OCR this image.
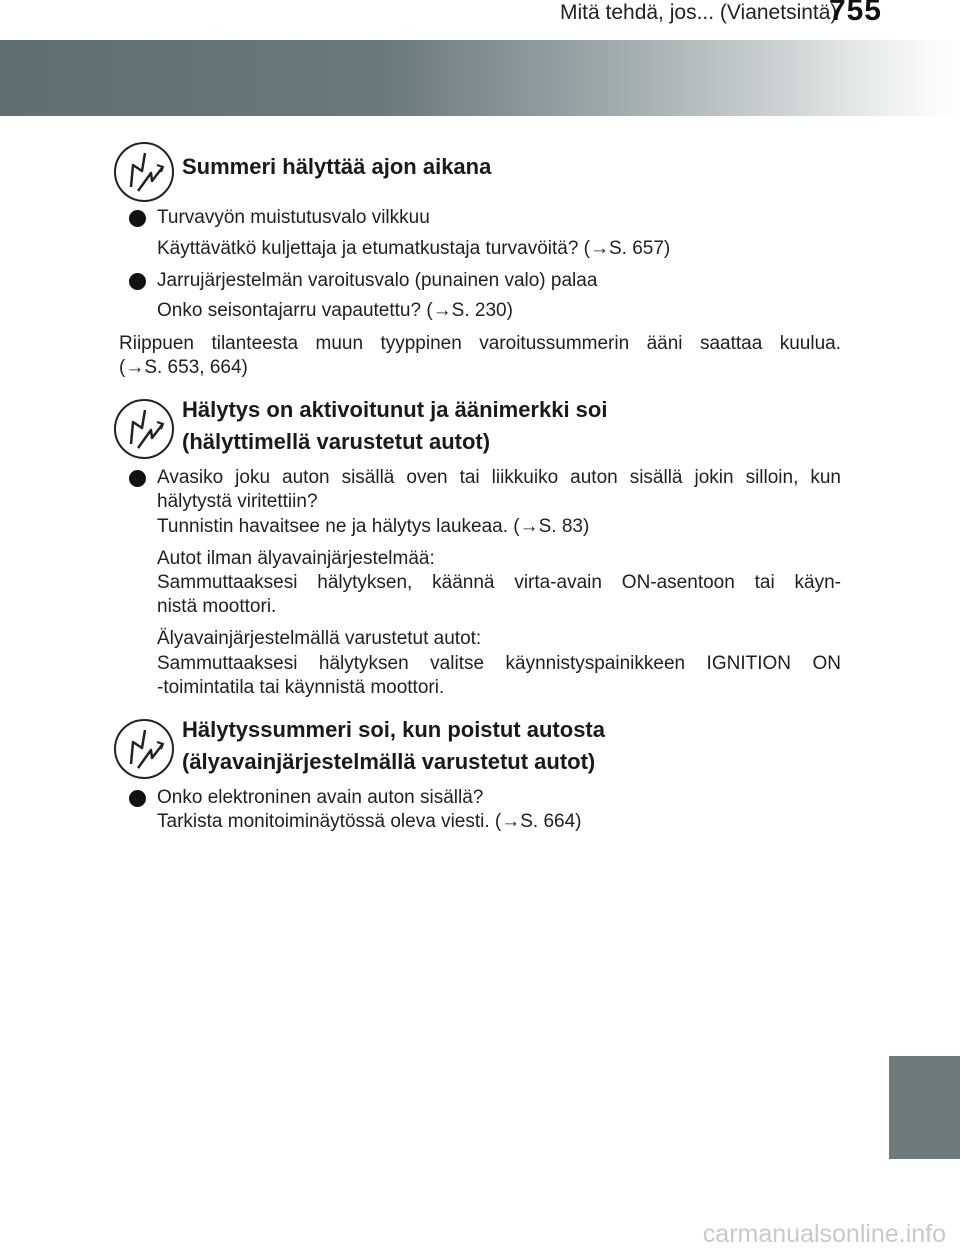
Mitä tehdä, jos... (Vianetsintä)
755
Summeri hälyttää ajon aikana
Turvavyön muistutusvalo vilkkuu
Käyttävätkö kuljettaja ja etumatkustaja turvavöitä? (→S. 657)
Jarrujärjestelmän varoitusvalo (punainen valo) palaa
Onko seisontajarru vapautettu? (→S. 230)
Riippuen tilanteesta muun tyyppinen varoitussummerin ääni saattaa kuulua.
(→S. 653, 664)
Hälytys on aktivoitunut ja äänimerkki soi
(hälyttimellä varustetut autot)
Avasiko joku auton sisällä oven tai liikkuiko auton sisällä jokin silloin, kun
hälytystä viritettiin?
Tunnistin havaitsee ne ja hälytys laukeaa. (→S. 83)
Autot ilman älyavainjärjestelmää:
Sammuttaaksesi hälytyksen, käännä virta-avain ON-asentoon tai käyn-
nistä moottori.
Älyavainjärjestelmällä varustetut autot:
Sammuttaaksesi hälytyksen valitse käynnistyspainikkeen IGNITION ON
-toimintatila tai käynnistä moottori.
Hälytyssummeri soi, kun poistut autosta
(älyavainjärjestelmällä varustetut autot)
Onko elektroninen avain auton sisällä?
Tarkista monitoiminäytössä oleva viesti. (→S. 664)
carmanualsonline.info
